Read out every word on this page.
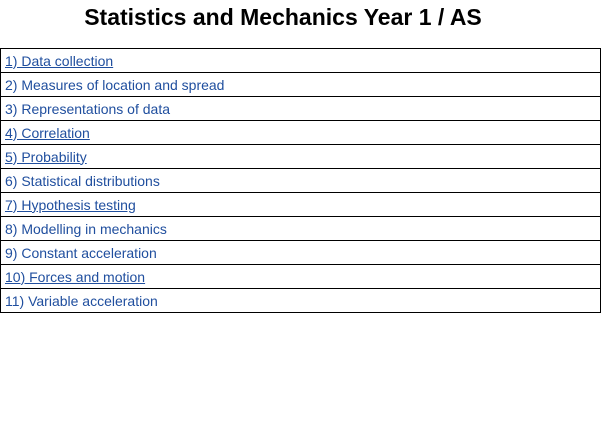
Statistics and Mechanics Year 1 / AS
1) Data collection
2) Measures of location and spread
3) Representations of data
4) Correlation
5) Probability
6) Statistical distributions
7) Hypothesis testing
8) Modelling in mechanics
9) Constant acceleration
10) Forces and motion
11) Variable acceleration
